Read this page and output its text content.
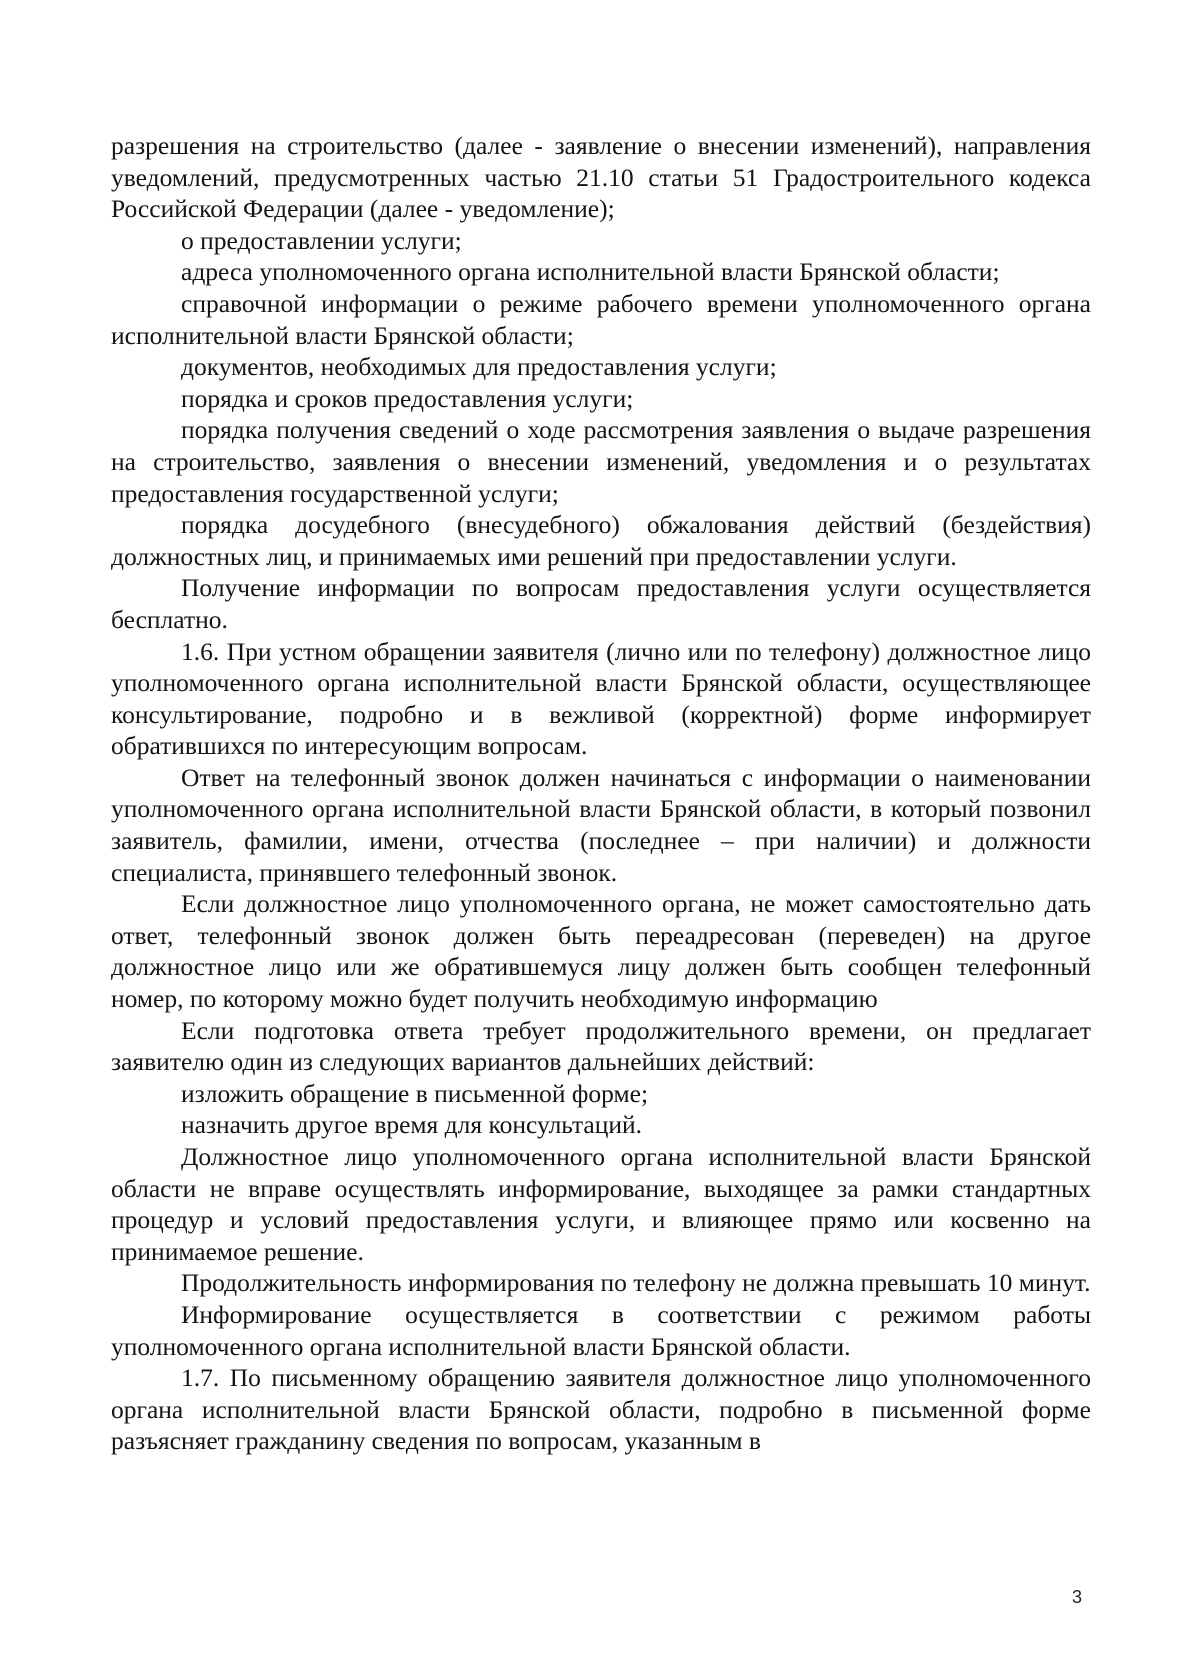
разрешения на строительство (далее - заявление о внесении изменений), направления уведомлений, предусмотренных частью 21.10 статьи 51 Градостроительного кодекса Российской Федерации (далее - уведомление);

о предоставлении услуги;

адреса уполномоченного органа исполнительной власти Брянской области;

справочной информации о режиме рабочего времени уполномоченного органа исполнительной власти Брянской области;

документов, необходимых для предоставления услуги;

порядка и сроков предоставления услуги;

порядка получения сведений о ходе рассмотрения заявления о выдаче разрешения на строительство, заявления о внесении изменений, уведомления и о результатах предоставления государственной услуги;

порядка досудебного (внесудебного) обжалования действий (бездействия) должностных лиц, и принимаемых ими решений при предоставлении услуги.

Получение информации по вопросам предоставления услуги осуществляется бесплатно.

1.6. При устном обращении заявителя (лично или по телефону) должностное лицо уполномоченного органа исполнительной власти Брянской области, осуществляющее консультирование, подробно и в вежливой (корректной) форме информирует обратившихся по интересующим вопросам.

Ответ на телефонный звонок должен начинаться с информации о наименовании уполномоченного органа исполнительной власти Брянской области, в который позвонил заявитель, фамилии, имени, отчества (последнее – при наличии) и должности специалиста, принявшего телефонный звонок.

Если должностное лицо уполномоченного органа, не может самостоятельно дать ответ, телефонный звонок должен быть переадресован (переведен) на другое должностное лицо или же обратившемуся лицу должен быть сообщен телефонный номер, по которому можно будет получить необходимую информацию

Если подготовка ответа требует продолжительного времени, он предлагает заявителю один из следующих вариантов дальнейших действий:

изложить обращение в письменной форме;

назначить другое время для консультаций.

Должностное лицо уполномоченного органа исполнительной власти Брянской области не вправе осуществлять информирование, выходящее за рамки стандартных процедур и условий предоставления услуги, и влияющее прямо или косвенно на принимаемое решение.

Продолжительность информирования по телефону не должна превышать 10 минут.

Информирование осуществляется в соответствии с режимом работы уполномоченного органа исполнительной власти Брянской области.

1.7. По письменному обращению заявителя должностное лицо уполномоченного органа исполнительной власти Брянской области, подробно в письменной форме разъясняет гражданину сведения по вопросам, указанным в

3
